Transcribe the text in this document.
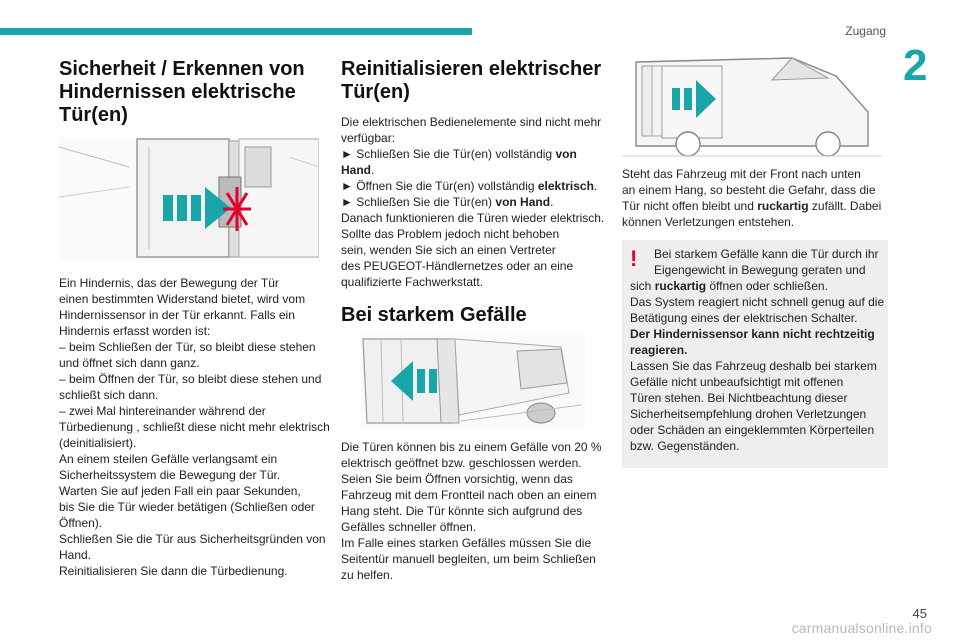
Zugang
2
Sicherheit / Erkennen von
Hindernissen elektrische
Tür(en)

Ein Hindernis, das der Bewegung der Tür

einen bestimmten Widerstand bietet, wird vom

Hindernissensor in der Tür erkannt. Falls ein

Hindernis erfasst worden ist:

– beim Schließen der Tür, so bleibt diese stehen

und öffnet sich dann ganz.

– beim Öffnen der Tür, so bleibt diese stehen und

schließt sich dann.

– zwei Mal hintereinander während der

Türbedienung , schließt diese nicht mehr elektrisch

(deinitialisiert).

An einem steilen Gefälle verlangsamt ein

Sicherheitssystem die Bewegung der Tür.

Warten Sie auf jeden Fall ein paar Sekunden,

bis Sie die Tür wieder betätigen (Schließen oder

Öffnen).

Schließen Sie die Tür aus Sicherheitsgründen von

Hand.

Reinitialisieren Sie dann die Türbedienung.

Reinitialisieren elektrischer
Tür(en)

Die elektrischen Bedienelemente sind nicht mehr

verfügbar:

► Schließen Sie die Tür(en) vollständig von

Hand.

► Öffnen Sie die Tür(en) vollständig elektrisch.

► Schließen Sie die Tür(en) von Hand.

Danach funktionieren die Türen wieder elektrisch.

Sollte das Problem jedoch nicht behoben

sein, wenden Sie sich an einen Vertreter

des PEUGEOT-Händlernetzes oder an eine

qualifizierte Fachwerkstatt.

Bei starkem Gefälle

Die Türen können bis zu einem Gefälle von 20 %

elektrisch geöffnet bzw. geschlossen werden.

Seien Sie beim Öffnen vorsichtig, wenn das

Fahrzeug mit dem Frontteil nach oben an einem

Hang steht. Die Tür könnte sich aufgrund des

Gefälles schneller öffnen.

Im Falle eines starken Gefälles müssen Sie die

Seitentür manuell begleiten, um beim Schließen

zu helfen.

Steht das Fahrzeug mit der Front nach unten

an einem Hang, so besteht die Gefahr, dass die

Tür nicht offen bleibt und ruckartig zufällt. Dabei

können Verletzungen entstehen.

!	Bei starkem Gefälle kann die Tür durch ihr

Eigengewicht in Bewegung geraten und

sich ruckartig öffnen oder schließen.

Das System reagiert nicht schnell genug auf die

Betätigung eines der elektrischen Schalter.

Der Hindernissensor kann nicht rechtzeitig

reagieren.

Lassen Sie das Fahrzeug deshalb bei starkem

Gefälle nicht unbeaufsichtigt mit offenen

Türen stehen. Bei Nichtbeachtung dieser

Sicherheitsempfehlung drohen Verletzungen

oder Schäden an eingeklemmten Körperteilen

bzw. Gegenständen.

45
carmanualsonline.info
